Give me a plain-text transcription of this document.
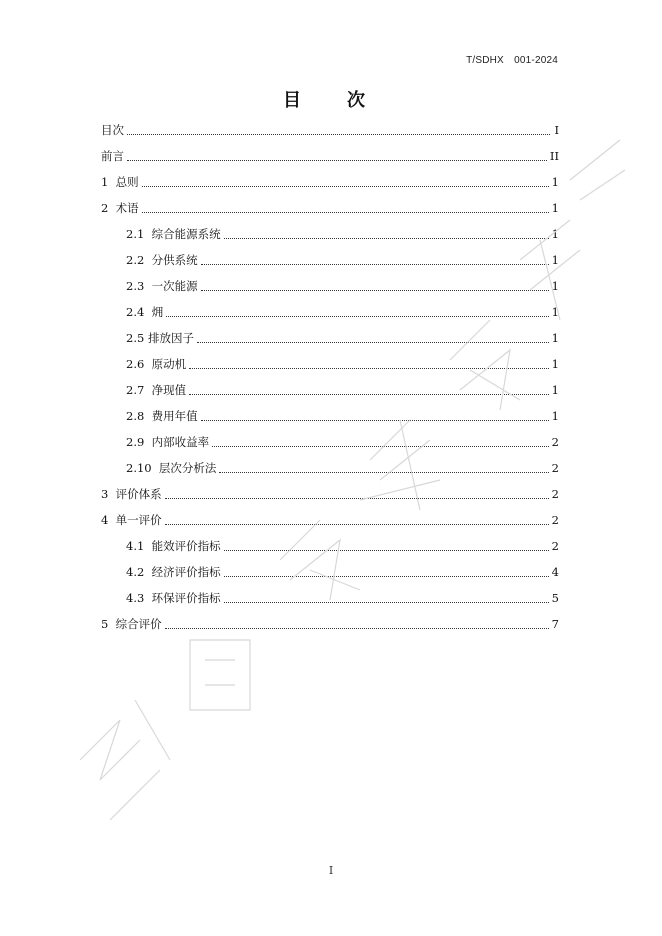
T/SDHX　001-2024
目　次
目次	I
前言	II
1  总则	1
2  术语	1
2.1  综合能源系统	1
2.2  分供系统	1
2.3  一次能源	1
2.4  㶲	1
2.5 排放因子	1
2.6  原动机	1
2.7  净现值	1
2.8  费用年值	1
2.9  内部收益率	2
2.10  层次分析法	2
3  评价体系	2
4  单一评价	2
4.1  能效评价指标	2
4.2  经济评价指标	4
4.3  环保评价指标	5
5  综合评价	7
全国团体标准信息平台
I
